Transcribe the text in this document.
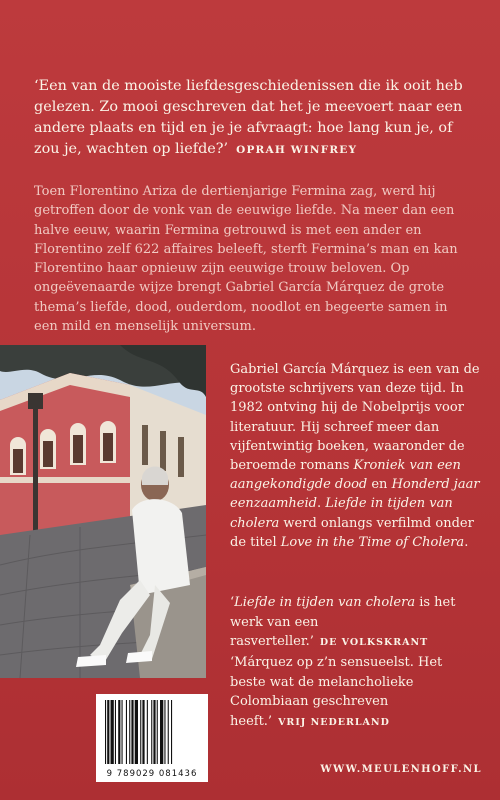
‘Een van de mooiste liefdesgeschiedenissen die ik ooit heb gelezen. Zo mooi geschreven dat het je meevoert naar een andere plaats en tijd en je je afvraagt: hoe lang kun je, of zou je, wachten op liefde?’ OPRAH WINFREY

Toen Florentino Ariza de dertienjarige Fermina zag, werd hij getroffen door de vonk van de eeuwige liefde. Na meer dan een halve eeuw, waarin Fermina getrouwd is met een ander en Florentino zelf 622 affaires beleeft, sterft Fermina’s man en kan Florentino haar opnieuw zijn eeuwige trouw beloven. Op ongeëvenaarde wijze brengt Gabriel García Márquez de grote thema’s liefde, dood, ouderdom, noodlot en begeerte samen in een mild en menselijk universum.

Gabriel García Márquez is een van de grootste schrijvers van deze tijd. In 1982 ontving hij de Nobelprijs voor literatuur. Hij schreef meer dan vijfentwintig boeken, waaronder de beroemde romans Kroniek van een aangekondigde dood en Honderd jaar eenzaamheid. Liefde in tijden van cholera werd onlangs verfilmd onder de titel Love in the Time of Cholera.

‘Liefde in tijden van cholera is het werk van een rasverteller.’ DE VOLKSKRANT

‘Márquez op z’n sensueelst. Het beste wat de melancholieke Colombiaan geschreven heeft.’ VRIJ NEDERLAND

9 789029 081436	WWW.MEULENHOFF.NL
